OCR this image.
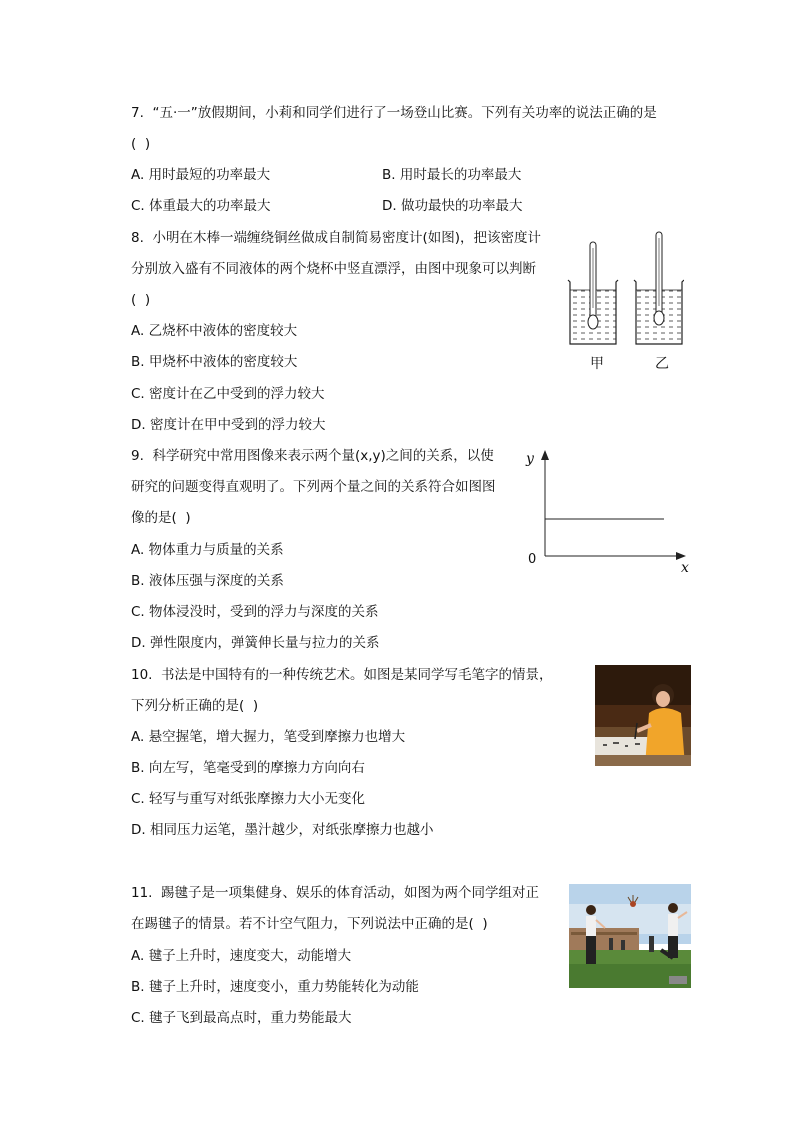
7.  “五·一”放假期间，小莉和同学们进行了一场登山比赛。下列有关功率的说法正确的是
(  )
A. 用时最短的功率最大	B. 用时最长的功率最大
C. 体重最大的功率最大	D. 做功最快的功率最大
8.  小明在木棒一端缠绕铜丝做成自制简易密度计(如图)，把该密度计
分别放入盛有不同液体的两个烧杯中竖直漂浮，由图中现象可以判断
(  )
A. 乙烧杯中液体的密度较大
B. 甲烧杯中液体的密度较大
C. 密度计在乙中受到的浮力较大
D. 密度计在甲中受到的浮力较大
甲	乙
9.  科学研究中常用图像来表示两个量(x,y)之间的关系，以使
研究的问题变得直观明了。下列两个量之间的关系符合如图图
像的是(  )
A. 物体重力与质量的关系
B. 液体压强与深度的关系
C. 物体浸没时，受到的浮力与深度的关系
D. 弹性限度内，弹簧伸长量与拉力的关系
y
0
x
10.  书法是中国特有的一种传统艺术。如图是某同学写毛笔字的情景，
下列分析正确的是(  )
A. 悬空握笔，增大握力，笔受到摩擦力也增大
B. 向左写，笔毫受到的摩擦力方向向右
C. 轻写与重写对纸张摩擦力大小无变化
D. 相同压力运笔，墨汁越少，对纸张摩擦力也越小
11.  踢毽子是一项集健身、娱乐的体育活动，如图为两个同学组对正
在踢毽子的情景。若不计空气阻力，下列说法中正确的是(  )
A. 毽子上升时，速度变大，动能增大
B. 毽子上升时，速度变小，重力势能转化为动能
C. 毽子飞到最高点时，重力势能最大
